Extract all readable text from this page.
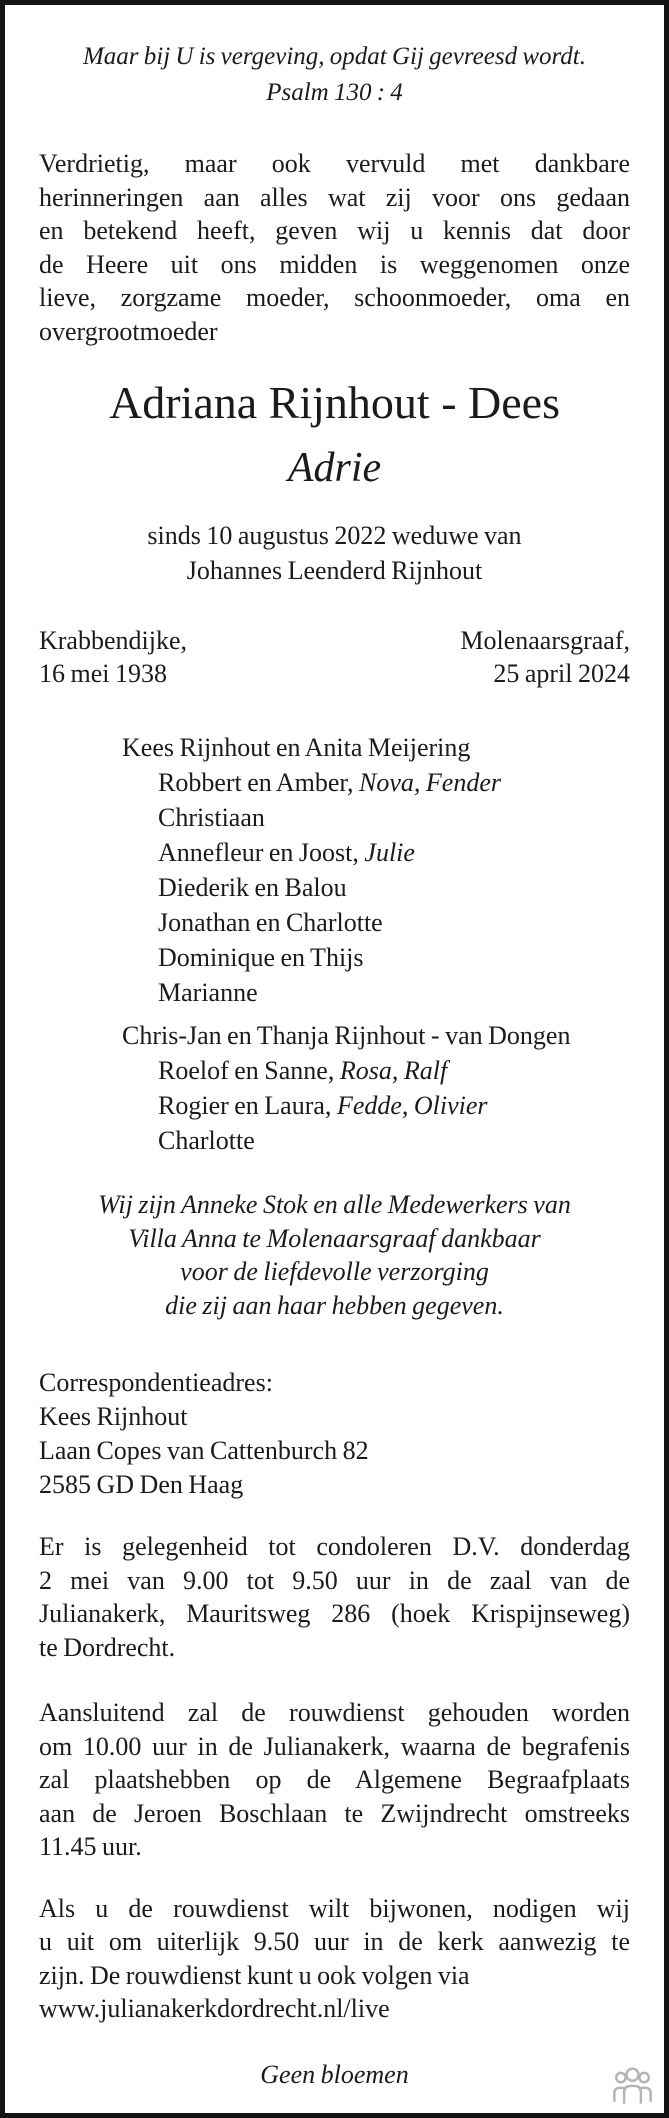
Maar bij U is vergeving, opdat Gij gevreesd wordt.
Psalm 130 : 4
Verdrietig, maar ook vervuld met dankbare
herinneringen aan alles wat zij voor ons gedaan
en betekend heeft, geven wij u kennis dat door
de Heere uit ons midden is weggenomen onze
lieve, zorgzame moeder, schoonmoeder, oma en
overgrootmoeder
Adriana Rijnhout - Dees
Adrie
sinds 10 augustus 2022 weduwe van
Johannes Leenderd Rijnhout
Krabbendijke,
16 mei 1938
Molenaarsgraaf,
25 april 2024
Kees Rijnhout en Anita Meijering
Robbert en Amber, Nova, Fender
Christiaan
Annefleur en Joost, Julie
Diederik en Balou
Jonathan en Charlotte
Dominique en Thijs
Marianne
Chris-Jan en Thanja Rijnhout - van Dongen
Roelof en Sanne, Rosa, Ralf
Rogier en Laura, Fedde, Olivier
Charlotte
Wij zijn Anneke Stok en alle Medewerkers van
Villa Anna te Molenaarsgraaf dankbaar
voor de liefdevolle verzorging
die zij aan haar hebben gegeven.
Correspondentieadres:
Kees Rijnhout
Laan Copes van Cattenburch 82
2585 GD Den Haag
Er is gelegenheid tot condoleren D.V. donderdag
2 mei van 9.00 tot 9.50 uur in de zaal van de
Julianakerk, Mauritsweg 286 (hoek Krispijnseweg)
te Dordrecht.
Aansluitend zal de rouwdienst gehouden worden
om 10.00 uur in de Julianakerk, waarna de begrafenis
zal plaatshebben op de Algemene Begraafplaats
aan de Jeroen Boschlaan te Zwijndrecht omstreeks
11.45 uur.
Als u de rouwdienst wilt bijwonen, nodigen wij
u uit om uiterlijk 9.50 uur in de kerk aanwezig te
zijn. De rouwdienst kunt u ook volgen via
www.julianakerkdordrecht.nl/live
Geen bloemen
